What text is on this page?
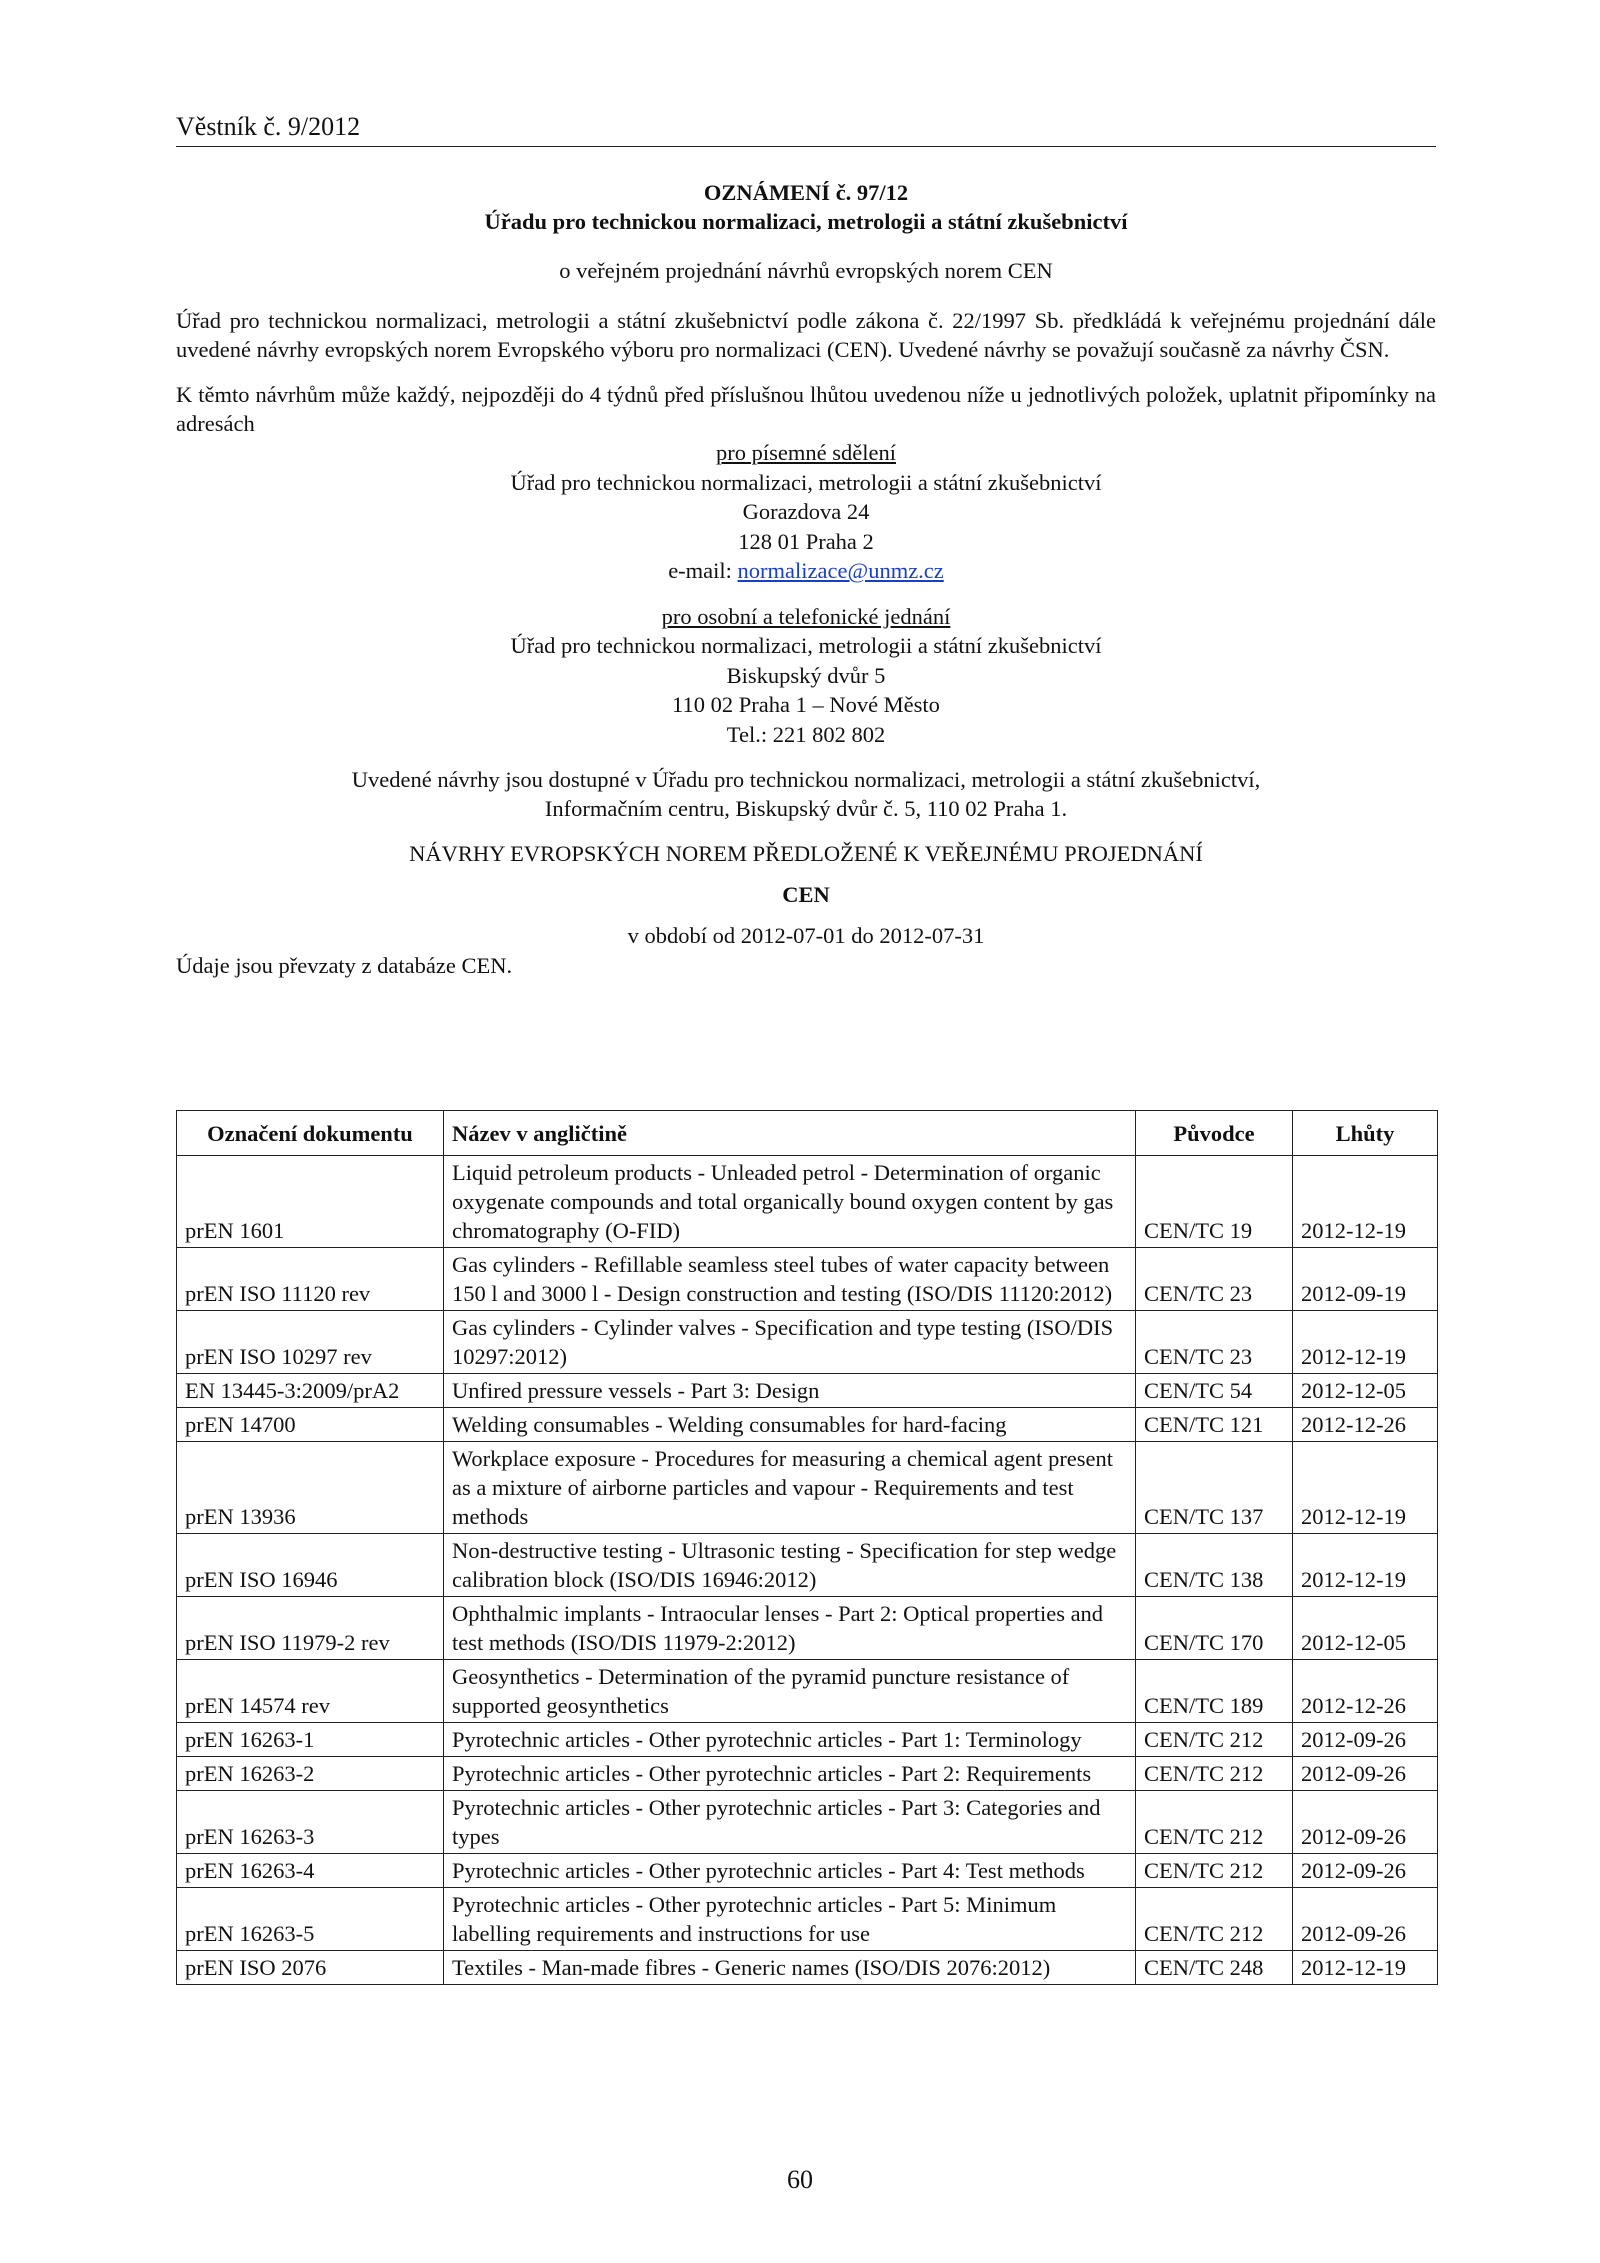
Věstník č. 9/2012
OZNÁMENÍ č. 97/12
Úřadu pro technickou normalizaci, metrologii a státní zkušebnictví
o veřejném projednání návrhů evropských norem CEN
Úřad pro technickou normalizaci, metrologii a státní zkušebnictví podle zákona č. 22/1997 Sb. předkládá k veřejnému projednání dále uvedené návrhy evropských norem Evropského výboru pro normalizaci (CEN). Uvedené návrhy se považují současně za návrhy ČSN.
K těmto návrhům může každý, nejpozději do 4 týdnů před příslušnou lhůtou uvedenou níže u jednotlivých položek, uplatnit připomínky na adresách
pro písemné sdělení
Úřad pro technickou normalizaci, metrologii a státní zkušebnictví
Gorazdova 24
128 01 Praha 2
e-mail: normalizace@unmz.cz
pro osobní a telefonické jednání
Úřad pro technickou normalizaci, metrologii a státní zkušebnictví
Biskupský dvůr 5
110 02 Praha 1 – Nové Město
Tel.: 221 802 802
Uvedené návrhy jsou dostupné v Úřadu pro technickou normalizaci, metrologii a státní zkušebnictví,
Informačním centru, Biskupský dvůr č. 5, 110 02 Praha 1.
NÁVRHY EVROPSKÝCH NOREM PŘEDLOŽENÉ K VEŘEJNÉMU PROJEDNÁNÍ
CEN
v období od 2012-07-01 do 2012-07-31
Údaje jsou převzaty z databáze CEN.
Označení dokumentu	Název v angličtině	Původce	Lhůty
prEN 1601	Liquid petroleum products - Unleaded petrol - Determination of organic oxygenate compounds and total organically bound oxygen content by gas chromatography (O-FID)	CEN/TC 19	2012-12-19
prEN ISO 11120 rev	Gas cylinders - Refillable seamless steel tubes of water capacity between 150 l and 3000 l - Design construction and testing (ISO/DIS 11120:2012)	CEN/TC 23	2012-09-19
prEN ISO 10297 rev	Gas cylinders - Cylinder valves - Specification and type testing (ISO/DIS 10297:2012)	CEN/TC 23	2012-12-19
EN 13445-3:2009/prA2	Unfired pressure vessels - Part 3: Design	CEN/TC 54	2012-12-05
prEN 14700	Welding consumables - Welding consumables for hard-facing	CEN/TC 121	2012-12-26
prEN 13936	Workplace exposure - Procedures for measuring a chemical agent present as a mixture of airborne particles and vapour - Requirements and test methods	CEN/TC 137	2012-12-19
prEN ISO 16946	Non-destructive testing - Ultrasonic testing - Specification for step wedge calibration block (ISO/DIS 16946:2012)	CEN/TC 138	2012-12-19
prEN ISO 11979-2 rev	Ophthalmic implants - Intraocular lenses - Part 2: Optical properties and test methods (ISO/DIS 11979-2:2012)	CEN/TC 170	2012-12-05
prEN 14574 rev	Geosynthetics - Determination of the pyramid puncture resistance of supported geosynthetics	CEN/TC 189	2012-12-26
prEN 16263-1	Pyrotechnic articles - Other pyrotechnic articles - Part 1: Terminology	CEN/TC 212	2012-09-26
prEN 16263-2	Pyrotechnic articles - Other pyrotechnic articles - Part 2: Requirements	CEN/TC 212	2012-09-26
prEN 16263-3	Pyrotechnic articles - Other pyrotechnic articles - Part 3: Categories and types	CEN/TC 212	2012-09-26
prEN 16263-4	Pyrotechnic articles - Other pyrotechnic articles - Part 4: Test methods	CEN/TC 212	2012-09-26
prEN 16263-5	Pyrotechnic articles - Other pyrotechnic articles - Part 5: Minimum labelling requirements and instructions for use	CEN/TC 212	2012-09-26
prEN ISO 2076	Textiles - Man-made fibres - Generic names (ISO/DIS 2076:2012)	CEN/TC 248	2012-12-19
60
